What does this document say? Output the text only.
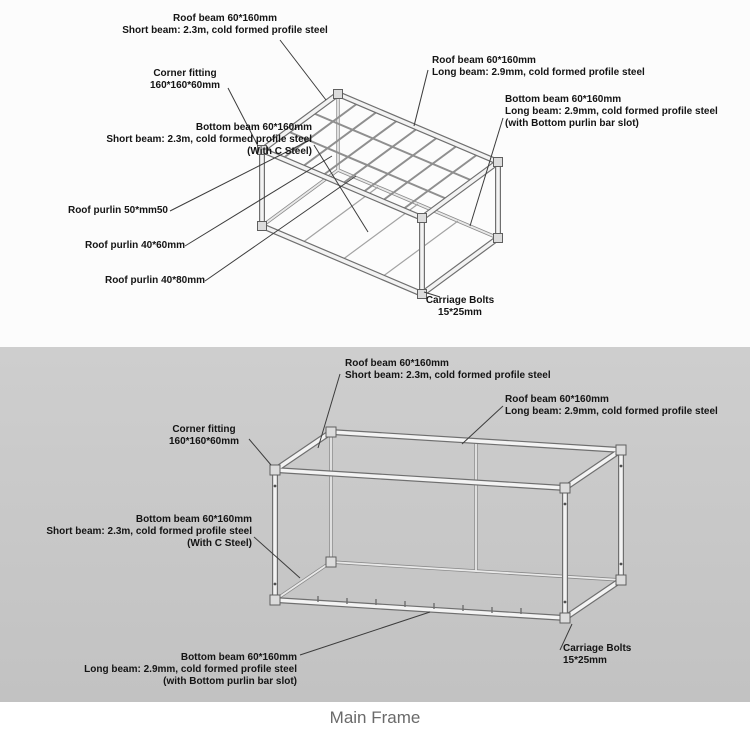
Roof beam 60*160mm
Short beam: 2.3m, cold formed profile steel
Corner fitting
160*160*60mm
Roof beam 60*160mm
Long beam: 2.9mm, cold formed profile steel
Bottom beam 60*160mm
Long beam: 2.9mm, cold formed profile steel
(with Bottom purlin bar slot)
Bottom beam 60*160mm
Short beam: 2.3m, cold formed profile steel
(With C Steel)
Roof purlin 50*mm50
Roof purlin 40*60mm
Roof purlin 40*80mm
Carriage Bolts
15*25mm
Roof beam 60*160mm
Short beam: 2.3m, cold formed profile steel
Roof beam 60*160mm
Long beam: 2.9mm, cold formed profile steel
Corner fitting
160*160*60mm
Bottom beam 60*160mm
Short beam: 2.3m, cold formed profile steel
(With C Steel)
Bottom beam 60*160mm
Long beam: 2.9mm, cold formed profile steel
(with Bottom purlin bar slot)
Carriage Bolts
15*25mm
Main Frame
